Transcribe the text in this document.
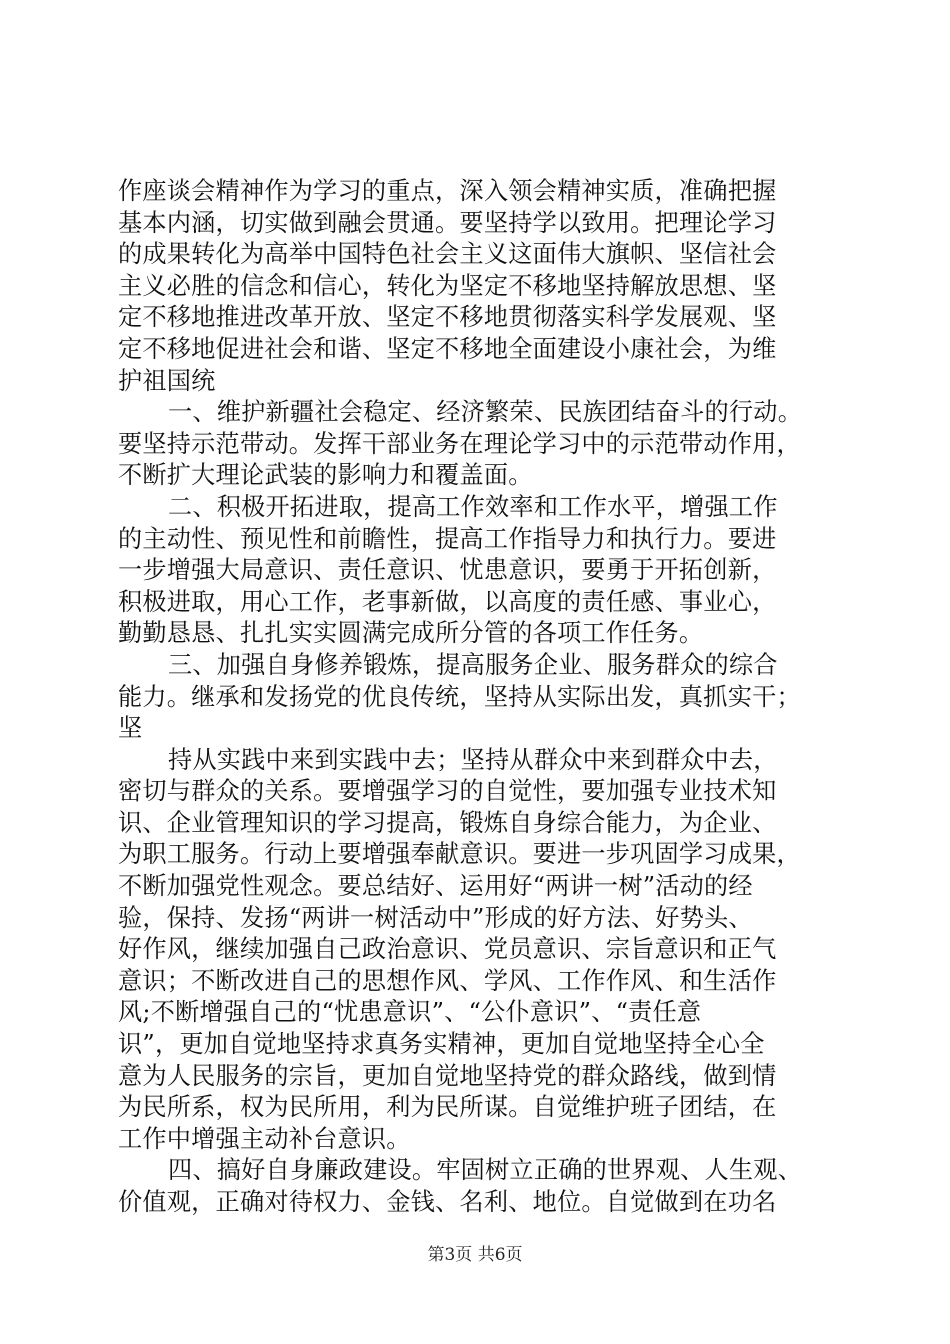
作座谈会精神作为学习的重点，深入领会精神实质，准确把握
基本内涵，切实做到融会贯通。要坚持学以致用。把理论学习
的成果转化为高举中国特色社会主义这面伟大旗帜、坚信社会
主义必胜的信念和信心，转化为坚定不移地坚持解放思想、坚
定不移地推进改革开放、坚定不移地贯彻落实科学发展观、坚
定不移地促进社会和谐、坚定不移地全面建设小康社会，为维
护祖国统
一、维护新疆社会稳定、经济繁荣、民族团结奋斗的行动。
要坚持示范带动。发挥干部业务在理论学习中的示范带动作用，
不断扩大理论武装的影响力和覆盖面。
二、积极开拓进取，提高工作效率和工作水平，增强工作
的主动性、预见性和前瞻性，提高工作指导力和执行力。要进
一步增强大局意识、责任意识、忧患意识，要勇于开拓创新，
积极进取，用心工作，老事新做，以高度的责任感、事业心，
勤勤恳恳、扎扎实实圆满完成所分管的各项工作任务。
三、加强自身修养锻炼，提高服务企业、服务群众的综合
能力。继承和发扬党的优良传统，坚持从实际出发，真抓实干；
坚
持从实践中来到实践中去；坚持从群众中来到群众中去，
密切与群众的关系。要增强学习的自觉性，要加强专业技术知
识、企业管理知识的学习提高，锻炼自身综合能力，为企业、
为职工服务。行动上要增强奉献意识。要进一步巩固学习成果，
不断加强党性观念。要总结好、运用好“两讲一树”活动的经
验，保持、发扬“两讲一树活动中”形成的好方法、好势头、
好作风，继续加强自己政治意识、党员意识、宗旨意识和正气
意识；不断改进自己的思想作风、学风、工作作风、和生活作
风;不断增强自己的“忧患意识”、“公仆意识”、“责任意
识”，更加自觉地坚持求真务实精神，更加自觉地坚持全心全
意为人民服务的宗旨，更加自觉地坚持党的群众路线，做到情
为民所系，权为民所用，利为民所谋。自觉维护班子团结，在
工作中增强主动补台意识。
四、搞好自身廉政建设。牢固树立正确的世界观、人生观、
价值观，正确对待权力、金钱、名利、地位。自觉做到在功名
第3页 共6页
